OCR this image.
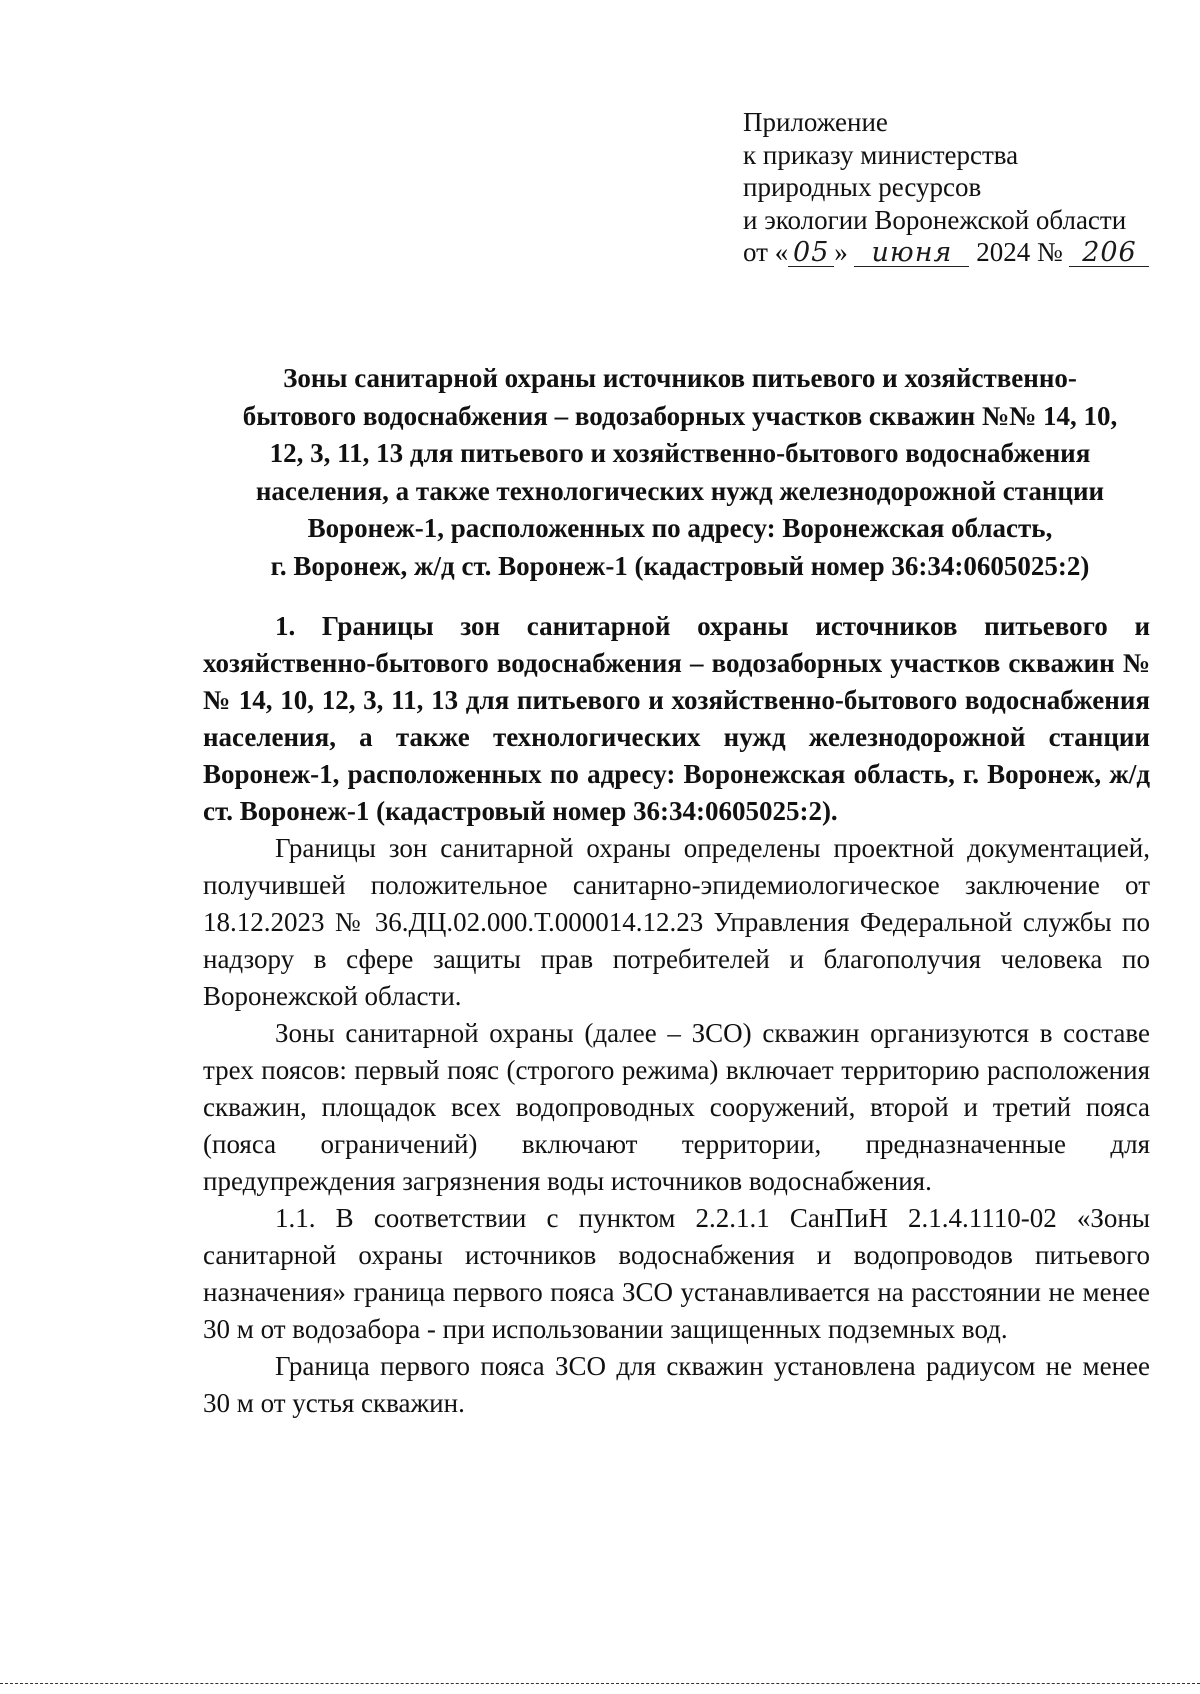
Приложение
к приказу министерства
природных ресурсов
и экологии Воронежской области
от « 05 » июня 2024 № 206
Зоны санитарной охраны источников питьевого и хозяйственно-
бытового водоснабжения – водозаборных участков скважин №№ 14, 10,
12, 3, 11, 13 для питьевого и хозяйственно-бытового водоснабжения
населения, а также технологических нужд железнодорожной станции
Воронеж-1, расположенных по адресу: Воронежская область,
г. Воронеж, ж/д ст. Воронеж-1 (кадастровый номер 36:34:0605025:2)

1. Границы зон санитарной охраны источников питьевого и хозяйственно-бытового водоснабжения – водозаборных участков скважин №№ 14, 10, 12, 3, 11, 13 для питьевого и хозяйственно-бытового водоснабжения населения, а также технологических нужд железнодорожной станции Воронеж-1, расположенных по адресу: Воронежская область, г. Воронеж, ж/д ст. Воронеж-1 (кадастровый номер 36:34:0605025:2).

Границы зон санитарной охраны определены проектной документацией, получившей положительное санитарно-эпидемиологическое заключение от 18.12.2023 № 36.ДЦ.02.000.Т.000014.12.23 Управления Федеральной службы по надзору в сфере защиты прав потребителей и благополучия человека по Воронежской области.

Зоны санитарной охраны (далее – ЗСО) скважин организуются в составе трех поясов: первый пояс (строгого режима) включает территорию расположения скважин, площадок всех водопроводных сооружений, второй и третий пояса (пояса ограничений) включают территории, предназначенные для предупреждения загрязнения воды источников водоснабжения.

1.1. В соответствии с пунктом 2.2.1.1 СанПиН 2.1.4.1110-02 «Зоны санитарной охраны источников водоснабжения и водопроводов питьевого назначения» граница первого пояса ЗСО устанавливается на расстоянии не менее 30 м от водозабора - при использовании защищенных подземных вод.

Граница первого пояса ЗСО для скважин установлена радиусом не менее 30 м от устья скважин.
